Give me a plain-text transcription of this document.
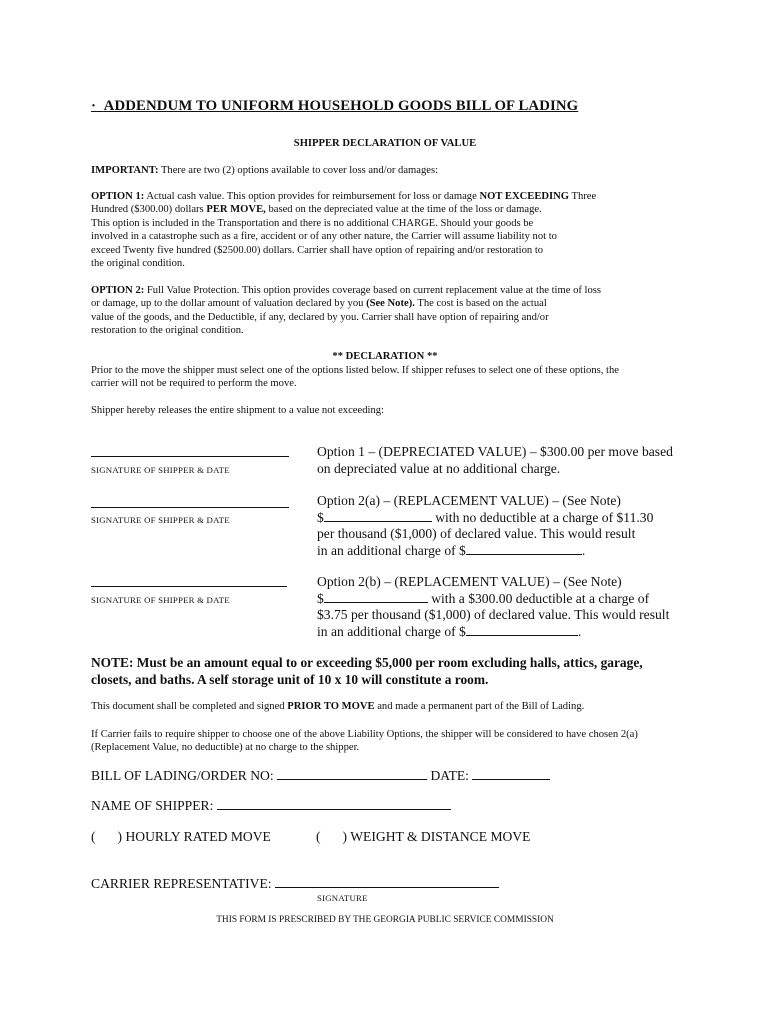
· ADDENDUM TO UNIFORM HOUSEHOLD GOODS BILL OF LADING
SHIPPER DECLARATION OF VALUE
IMPORTANT: There are two (2) options available to cover loss and/or damages:
OPTION 1: Actual cash value. This option provides for reimbursement for loss or damage NOT EXCEEDING Three
Hundred ($300.00) dollars PER MOVE, based on the depreciated value at the time of the loss or damage.
This option is included in the Transportation and there is no additional CHARGE. Should your goods be
involved in a catastrophe such as a fire, accident or of any other nature, the Carrier will assume liability not to
exceed Twenty five hundred ($2500.00) dollars. Carrier shall have option of repairing and/or restoration to
the original condition.
OPTION 2: Full Value Protection. This option provides coverage based on current replacement value at the time of loss
or damage, up to the dollar amount of valuation declared by you (See Note). The cost is based on the actual
value of the goods, and the Deductible, if any, declared by you. Carrier shall have option of repairing and/or
restoration to the original condition.
** DECLARATION **
Prior to the move the shipper must select one of the options listed below. If shipper refuses to select one of these options, the
carrier will not be required to perform the move.
Shipper hereby releases the entire shipment to a value not exceeding:
SIGNATURE OF SHIPPER & DATE
Option 1 – (DEPRECIATED VALUE) – $300.00 per move based
on depreciated value at no additional charge.
SIGNATURE OF SHIPPER & DATE
Option 2(a) – (REPLACEMENT VALUE) – (See Note)
$	with no deductible at a charge of $11.30
per thousand ($1,000) of declared value. This would result
in an additional charge of $	.
SIGNATURE OF SHIPPER & DATE
Option 2(b) – (REPLACEMENT VALUE) – (See Note)
$	with a $300.00 deductible at a charge of
$3.75 per thousand ($1,000) of declared value. This would result
in an additional charge of $	.
NOTE: Must be an amount equal to or exceeding $5,000 per room excluding halls, attics, garage,
closets, and baths. A self storage unit of 10 x 10 will constitute a room.
This document shall be completed and signed PRIOR TO MOVE and made a permanent part of the Bill of Lading.
If Carrier fails to require shipper to choose one of the above Liability Options, the shipper will be considered to have chosen 2(a)
(Replacement Value, no deductible) at no charge to the shipper.
BILL OF LADING/ORDER NO:	DATE:
NAME OF SHIPPER:
( ) HOURLY RATED MOVE	( ) WEIGHT & DISTANCE MOVE
CARRIER REPRESENTATIVE:
SIGNATURE
THIS FORM IS PRESCRIBED BY THE GEORGIA PUBLIC SERVICE COMMISSION
